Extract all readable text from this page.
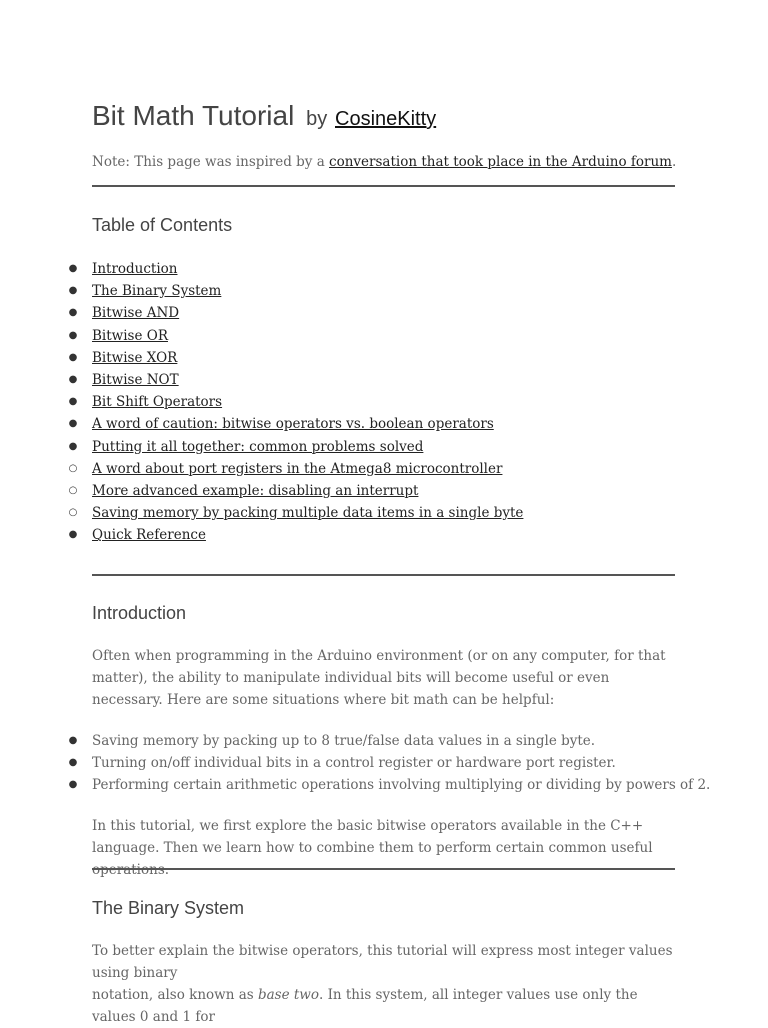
Bit Math Tutorial by CosineKitty

Note: This page was inspired by a conversation that took place in the Arduino forum.

Table of Contents
● Introduction
● The Binary System
● Bitwise AND
● Bitwise OR
● Bitwise XOR
● Bitwise NOT
● Bit Shift Operators
● A word of caution: bitwise operators vs. boolean operators
● Putting it all together: common problems solved
○ A word about port registers in the Atmega8 microcontroller
○ More advanced example: disabling an interrupt
○ Saving memory by packing multiple data items in a single byte
● Quick Reference
Introduction

Often when programming in the Arduino environment (or on any computer, for that matter), the ability to manipulate individual bits will become useful or even necessary. Here are some situations where bit math can be helpful:

● Saving memory by packing up to 8 true/false data values in a single byte.
● Turning on/off individual bits in a control register or hardware port register.
● Performing certain arithmetic operations involving multiplying or dividing by powers of 2.

In this tutorial, we first explore the basic bitwise operators available in the C++ language. Then we learn how to combine them to perform certain common useful operations.

The Binary System

To better explain the bitwise operators, this tutorial will express most integer values using binary
notation, also known as base two. In this system, all integer values use only the values 0 and 1 for
